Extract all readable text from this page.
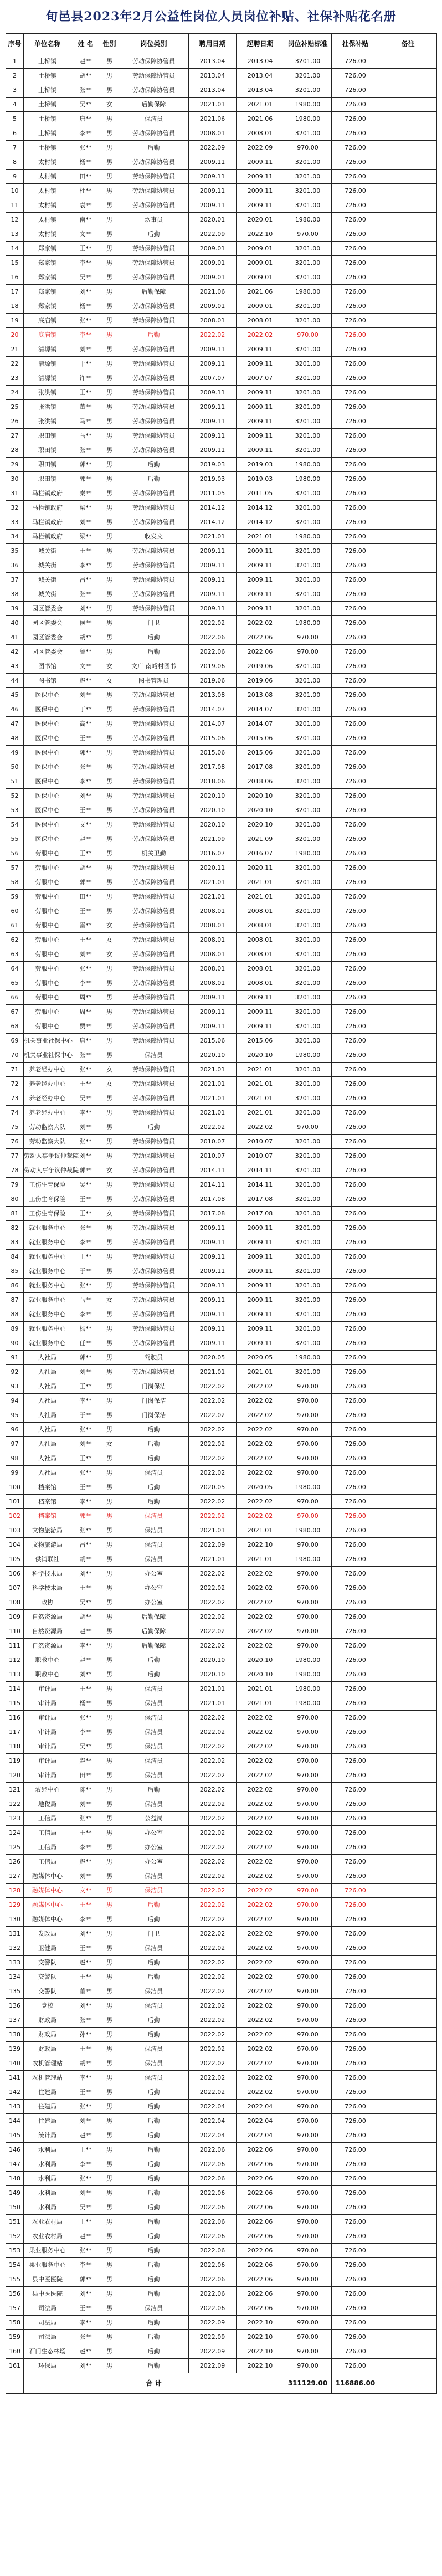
旬邑县2023年2月公益性岗位人员岗位补贴、社保补贴花名册
序号	单位名称	姓 名	性别	岗位类别	聘用日期	起聘日期	岗位补贴标准	社保补贴	备注
1	土桥镇	赵**	男	劳动保障协管员	2013.04	2013.04	3201.00	726.00	
2	土桥镇	胡**	男	劳动保障协管员	2013.04	2013.04	3201.00	726.00	
3	土桥镇	张**	男	劳动保障协管员	2013.04	2013.04	3201.00	726.00	
4	土桥镇	吴**	女	后勤保障	2021.01	2021.01	1980.00	726.00	
5	土桥镇	唐**	男	保洁员	2021.06	2021.06	1980.00	726.00	
6	土桥镇	李**	男	劳动保障协管员	2008.01	2008.01	3201.00	726.00	
7	土桥镇	张**	男	后勤	2022.09	2022.09	970.00	726.00	
8	太村镇	杨**	男	劳动保障协管员	2009.11	2009.11	3201.00	726.00	
9	太村镇	田**	男	劳动保障协管员	2009.11	2009.11	3201.00	726.00	
10	太村镇	杜**	男	劳动保障协管员	2009.11	2009.11	3201.00	726.00	
11	太村镇	袁**	男	劳动保障协管员	2009.11	2009.11	3201.00	726.00	
12	太村镇	南**	男	炊事员	2020.01	2020.01	1980.00	726.00	
13	太村镇	文**	男	后勤	2022.09	2022.10	970.00	726.00	
14	郑家镇	王**	男	劳动保障协管员	2009.01	2009.01	3201.00	726.00	
15	郑家镇	李**	男	劳动保障协管员	2009.01	2009.01	3201.00	726.00	
16	郑家镇	吴**	男	劳动保障协管员	2009.01	2009.01	3201.00	726.00	
17	郑家镇	刘**	男	后勤保障	2021.06	2021.06	1980.00	726.00	
18	郑家镇	杨**	男	劳动保障协管员	2009.01	2009.01	3201.00	726.00	
19	底庙镇	张**	男	劳动保障协管员	2008.01	2008.01	3201.00	726.00	
20	底庙镇	李**	男	后勤	2022.02	2022.02	970.00	726.00	
21	清塬镇	刘**	男	劳动保障协管员	2009.11	2009.11	3201.00	726.00	
22	清塬镇	于**	男	劳动保障协管员	2009.11	2009.11	3201.00	726.00	
23	清塬镇	许**	男	劳动保障协管员	2007.07	2007.07	3201.00	726.00	
24	张洪镇	王**	男	劳动保障协管员	2009.11	2009.11	3201.00	726.00	
25	张洪镇	董**	男	劳动保障协管员	2009.11	2009.11	3201.00	726.00	
26	张洪镇	马**	男	劳动保障协管员	2009.11	2009.11	3201.00	726.00	
27	职田镇	马**	男	劳动保障协管员	2009.11	2009.11	3201.00	726.00	
28	职田镇	张**	男	劳动保障协管员	2009.11	2009.11	3201.00	726.00	
29	职田镇	郭**	男	后勤	2019.03	2019.03	1980.00	726.00	
30	职田镇	郭**	男	后勤	2019.03	2019.03	1980.00	726.00	
31	马栏镇政府	秦**	男	劳动保障协管员	2011.05	2011.05	3201.00	726.00	
32	马栏镇政府	梁**	男	劳动保障协管员	2014.12	2014.12	3201.00	726.00	
33	马栏镇政府	刘**	男	劳动保障协管员	2014.12	2014.12	3201.00	726.00	
34	马栏镇政府	梁**	男	收发文	2021.01	2021.01	1980.00	726.00	
35	城关街	王**	男	劳动保障协管员	2009.11	2009.11	3201.00	726.00	
36	城关街	李**	男	劳动保障协管员	2009.11	2009.11	3201.00	726.00	
37	城关街	吕**	男	劳动保障协管员	2009.11	2009.11	3201.00	726.00	
38	城关街	张**	男	劳动保障协管员	2009.11	2009.11	3201.00	726.00	
39	园区管委会	刘**	男	劳动保障协管员	2009.11	2009.11	3201.00	726.00	
40	园区管委会	侯**	男	门卫	2022.02	2022.02	1980.00	726.00	
41	园区管委会	胡**	男	后勤	2022.06	2022.06	970.00	726.00	
42	园区管委会	鲁**	男	后勤	2022.06	2022.06	970.00	726.00	
43	图书馆	文**	女	文广 南峪村图书	2019.06	2019.06	3201.00	726.00	
44	图书馆	赵**	女	图书管理员	2019.06	2019.06	3201.00	726.00	
45	医保中心	刘**	男	劳动保障协管员	2013.08	2013.08	3201.00	726.00	
46	医保中心	丁**	男	劳动保障协管员	2014.07	2014.07	3201.00	726.00	
47	医保中心	高**	男	劳动保障协管员	2014.07	2014.07	3201.00	726.00	
48	医保中心	王**	男	劳动保障协管员	2015.06	2015.06	3201.00	726.00	
49	医保中心	郭**	男	劳动保障协管员	2015.06	2015.06	3201.00	726.00	
50	医保中心	张**	男	劳动保障协管员	2017.08	2017.08	3201.00	726.00	
51	医保中心	李**	男	劳动保障协管员	2018.06	2018.06	3201.00	726.00	
52	医保中心	刘**	男	劳动保障协管员	2020.10	2020.10	3201.00	726.00	
53	医保中心	王**	男	劳动保障协管员	2020.10	2020.10	3201.00	726.00	
54	医保中心	文**	男	劳动保障协管员	2020.10	2020.10	3201.00	726.00	
55	医保中心	赵**	男	劳动保障协管员	2021.09	2021.09	3201.00	726.00	
56	劳服中心	王**	男	机关卫勤	2016.07	2016.07	1980.00	726.00	
57	劳服中心	胡**	男	劳动保障协管员	2020.11	2020.11	3201.00	726.00	
58	劳服中心	郭**	男	劳动保障协管员	2021.01	2021.01	3201.00	726.00	
59	劳服中心	田**	男	劳动保障协管员	2021.01	2021.01	3201.00	726.00	
60	劳服中心	王**	男	劳动保障协管员	2008.01	2008.01	3201.00	726.00	
61	劳服中心	雷**	女	劳动保障协管员	2008.01	2008.01	3201.00	726.00	
62	劳服中心	王**	女	劳动保障协管员	2008.01	2008.01	3201.00	726.00	
63	劳服中心	刘**	女	劳动保障协管员	2008.01	2008.01	3201.00	726.00	
64	劳服中心	张**	男	劳动保障协管员	2008.01	2008.01	3201.00	726.00	
65	劳服中心	李**	男	劳动保障协管员	2008.01	2008.01	3201.00	726.00	
66	劳服中心	周**	男	劳动保障协管员	2009.11	2009.11	3201.00	726.00	
67	劳服中心	周**	男	劳动保障协管员	2009.11	2009.11	3201.00	726.00	
68	劳服中心	贾**	男	劳动保障协管员	2009.11	2009.11	3201.00	726.00	
69	机关事业社保中心	唐**	男	劳动保障协管员	2015.06	2015.06	3201.00	726.00	
70	机关事业社保中心	张**	男	保洁员	2020.10	2020.10	1980.00	726.00	
71	养老经办中心	张**	女	劳动保障协管员	2021.01	2021.01	3201.00	726.00	
72	养老经办中心	王**	女	劳动保障协管员	2021.01	2021.01	3201.00	726.00	
73	养老经办中心	吴**	男	劳动保障协管员	2021.01	2021.01	3201.00	726.00	
74	养老经办中心	李**	男	劳动保障协管员	2021.01	2021.01	3201.00	726.00	
75	劳动监察大队	刘**	男	后勤	2022.02	2022.02	970.00	726.00	
76	劳动监察大队	张**	男	劳动保障协管员	2010.07	2010.07	3201.00	726.00	
77	劳动人事争议仲裁院	刘**	男	劳动保障协管员	2010.07	2010.07	3201.00	726.00	
78	劳动人事争议仲裁院	郭**	女	劳动保障协管员	2014.11	2014.11	3201.00	726.00	
79	工伤生育保险	吴**	男	劳动保障协管员	2014.11	2014.11	3201.00	726.00	
80	工伤生育保险	王**	男	劳动保障协管员	2017.08	2017.08	3201.00	726.00	
81	工伤生育保险	王**	女	劳动保障协管员	2017.08	2017.08	3201.00	726.00	
82	就业服务中心	张**	男	劳动保障协管员	2009.11	2009.11	3201.00	726.00	
83	就业服务中心	李**	男	劳动保障协管员	2009.11	2009.11	3201.00	726.00	
84	就业服务中心	王**	男	劳动保障协管员	2009.11	2009.11	3201.00	726.00	
85	就业服务中心	于**	男	劳动保障协管员	2009.11	2009.11	3201.00	726.00	
86	就业服务中心	张**	男	劳动保障协管员	2009.11	2009.11	3201.00	726.00	
87	就业服务中心	马**	女	劳动保障协管员	2009.11	2009.11	3201.00	726.00	
88	就业服务中心	李**	男	劳动保障协管员	2009.11	2009.11	3201.00	726.00	
89	就业服务中心	杨**	男	劳动保障协管员	2009.11	2009.11	3201.00	726.00	
90	就业服务中心	任**	男	劳动保障协管员	2009.11	2009.11	3201.00	726.00	
91	人社局	郭**	男	驾驶员	2020.05	2020.05	1980.00	726.00	
92	人社局	刘**	男	劳动保障协管员	2021.01	2021.01	3201.00	726.00	
93	人社局	王**	男	门岗保洁	2022.02	2022.02	970.00	726.00	
94	人社局	李**	男	门岗保洁	2022.02	2022.02	970.00	726.00	
95	人社局	于**	男	门岗保洁	2022.02	2022.02	970.00	726.00	
96	人社局	张**	男	后勤	2022.02	2022.02	970.00	726.00	
97	人社局	刘**	女	后勤	2022.02	2022.02	970.00	726.00	
98	人社局	王**	男	后勤	2022.02	2022.02	970.00	726.00	
99	人社局	张**	男	保洁员	2022.02	2022.02	970.00	726.00	
100	档案馆	王**	男	后勤	2020.05	2020.05	1980.00	726.00	
101	档案馆	李**	男	后勤	2022.02	2022.02	970.00	726.00	
102	档案馆	郭**	男	保洁员	2022.02	2022.02	970.00	726.00	
103	文物旅游局	张**	男	保洁员	2021.01	2021.01	1980.00	726.00	
104	文物旅游局	吕**	男	保洁员	2022.09	2022.10	970.00	726.00	
105	供销联社	胡**	男	保洁员	2021.01	2021.01	1980.00	726.00	
106	科学技术局	刘**	男	办公室	2022.02	2022.02	970.00	726.00	
107	科学技术局	王**	男	办公室	2022.02	2022.02	970.00	726.00	
108	政协	吴**	男	办公室	2022.02	2022.02	970.00	726.00	
109	自然资源局	胡**	男	后勤保障	2022.02	2022.02	970.00	726.00	
110	自然资源局	赵**	男	后勤保障	2022.02	2022.02	970.00	726.00	
111	自然资源局	李**	男	后勤保障	2022.02	2022.02	970.00	726.00	
112	职教中心	赵**	男	后勤	2020.10	2020.10	1980.00	726.00	
113	职教中心	刘**	男	后勤	2020.10	2020.10	1980.00	726.00	
114	审计局	王**	男	保洁员	2021.01	2021.01	1980.00	726.00	
115	审计局	杨**	男	保洁员	2021.01	2021.01	1980.00	726.00	
116	审计局	张**	男	保洁员	2022.02	2022.02	970.00	726.00	
117	审计局	李**	男	保洁员	2022.02	2022.02	970.00	726.00	
118	审计局	吴**	男	保洁员	2022.02	2022.02	970.00	726.00	
119	审计局	赵**	男	保洁员	2022.02	2022.02	970.00	726.00	
120	审计局	田**	男	保洁员	2022.02	2022.02	970.00	726.00	
121	农经中心	陈**	男	后勤	2022.02	2022.02	970.00	726.00	
122	地税局	刘**	男	保洁员	2022.02	2022.02	970.00	726.00	
123	工信局	张**	男	公益岗	2022.02	2022.02	970.00	726.00	
124	工信局	王**	男	办公室	2022.02	2022.02	970.00	726.00	
125	工信局	李**	男	办公室	2022.02	2022.02	970.00	726.00	
126	工信局	赵**	男	办公室	2022.02	2022.02	970.00	726.00	
127	融媒体中心	刘**	男	保洁员	2022.02	2022.02	970.00	726.00	
128	融媒体中心	文**	男	保洁员	2022.02	2022.02	970.00	726.00	
129	融媒体中心	王**	男	后勤	2022.02	2022.02	970.00	726.00	
130	融媒体中心	李**	男	后勤	2022.02	2022.02	970.00	726.00	
131	发改局	刘**	男	门卫	2022.02	2022.02	970.00	726.00	
132	卫健局	王**	男	保洁员	2022.02	2022.02	970.00	726.00	
133	交警队	赵**	男	后勤	2022.02	2022.02	970.00	726.00	
134	交警队	王**	男	后勤	2022.02	2022.02	970.00	726.00	
135	交警队	董**	男	保洁员	2022.02	2022.02	970.00	726.00	
136	党校	刘**	男	保洁员	2022.02	2022.02	970.00	726.00	
137	财政局	张**	男	后勤	2022.02	2022.02	970.00	726.00	
138	财政局	孙**	男	后勤	2022.02	2022.02	970.00	726.00	
139	财政局	王**	男	保洁员	2022.02	2022.02	970.00	726.00	
140	农机管理站	胡**	男	保洁员	2022.02	2022.02	970.00	726.00	
141	农机管理站	李**	男	保洁员	2022.02	2022.02	970.00	726.00	
142	住建局	王**	男	后勤	2022.02	2022.02	970.00	726.00	
143	住建局	张**	男	后勤	2022.04	2022.04	970.00	726.00	
144	住建局	刘**	男	后勤	2022.04	2022.04	970.00	726.00	
145	统计局	赵**	男	后勤	2022.04	2022.04	970.00	726.00	
146	水利局	王**	男	后勤	2022.06	2022.06	970.00	726.00	
147	水利局	李**	男	后勤	2022.06	2022.06	970.00	726.00	
148	水利局	张**	男	后勤	2022.06	2022.06	970.00	726.00	
149	水利局	刘**	男	后勤	2022.06	2022.06	970.00	726.00	
150	水利局	吴**	男	后勤	2022.06	2022.06	970.00	726.00	
151	农业农村局	王**	男	后勤	2022.06	2022.06	970.00	726.00	
152	农业农村局	赵**	男	后勤	2022.06	2022.06	970.00	726.00	
153	果业服务中心	张**	男	后勤	2022.06	2022.06	970.00	726.00	
154	果业服务中心	李**	男	后勤	2022.06	2022.06	970.00	726.00	
155	县中医医院	郭**	男	后勤	2022.06	2022.06	970.00	726.00	
156	县中医医院	刘**	男	后勤	2022.06	2022.06	970.00	726.00	
157	司法局	王**	男	保洁员	2022.06	2022.06	970.00	726.00	
158	司法局	李**	男	后勤	2022.09	2022.10	970.00	726.00	
159	司法局	张**	男	后勤	2022.09	2022.10	970.00	726.00	
160	石门生态林场	赵**	男	后勤	2022.09	2022.10	970.00	726.00	
161	环保局	刘**	男	后勤	2022.09	2022.10	970.00	726.00	
	合 计						311129.00	116886.00	
